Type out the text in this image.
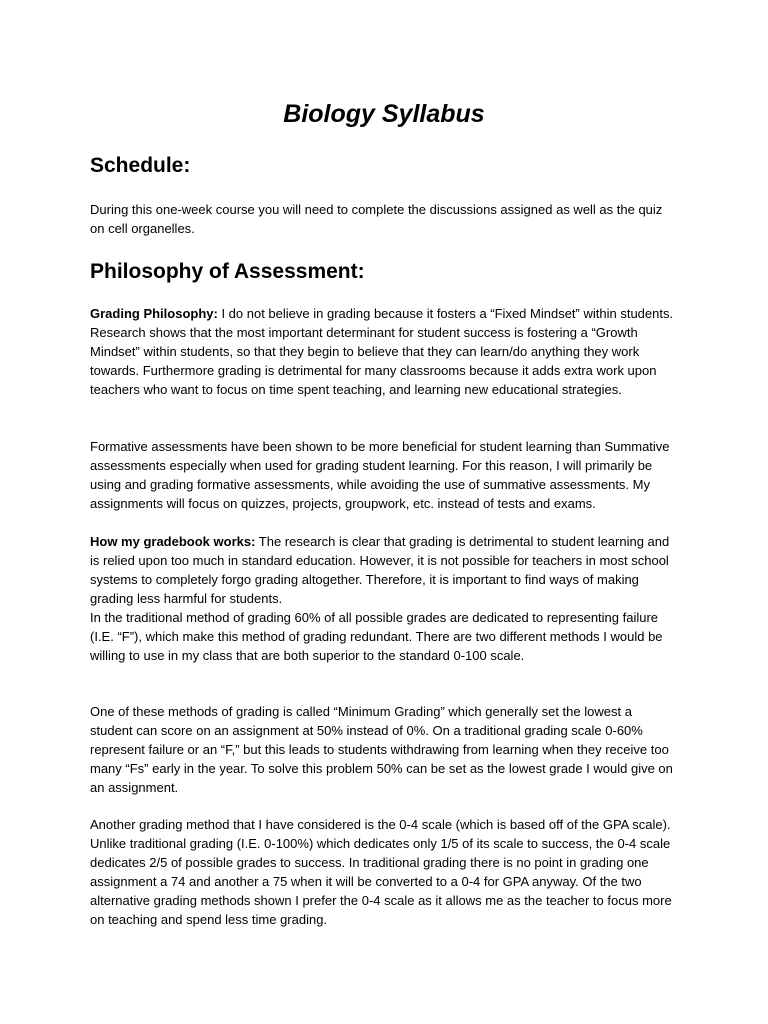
Biology Syllabus
Schedule:

During this one-week course you will need to complete the discussions assigned as well as the quiz on cell organelles.

Philosophy of Assessment:

Grading Philosophy: I do not believe in grading because it fosters a “Fixed Mindset” within students. Research shows that the most important determinant for student success is fostering a “Growth Mindset” within students, so that they begin to believe that they can learn/do anything they work towards. Furthermore grading is detrimental for many classrooms because it adds extra work upon teachers who want to focus on time spent teaching, and learning new educational strategies.

Formative assessments have been shown to be more beneficial for student learning than Summative assessments especially when used for grading student learning. For this reason, I will primarily be using and grading formative assessments, while avoiding the use of summative assessments. My assignments will focus on quizzes, projects, groupwork, etc. instead of tests and exams.

How my gradebook works: The research is clear that grading is detrimental to student learning and is relied upon too much in standard education. However, it is not possible for teachers in most school systems to completely forgo grading altogether. Therefore, it is important to find ways of making grading less harmful for students.

In the traditional method of grading 60% of all possible grades are dedicated to representing failure (I.E. “F”), which make this method of grading redundant. There are two different methods I would be willing to use in my class that are both superior to the standard 0-100 scale.

One of these methods of grading is called “Minimum Grading” which generally set the lowest a student can score on an assignment at 50% instead of 0%. On a traditional grading scale 0-60% represent failure or an “F,” but this leads to students withdrawing from learning when they receive too many “Fs” early in the year. To solve this problem 50% can be set as the lowest grade I would give on an assignment.

Another grading method that I have considered is the 0-4 scale (which is based off of the GPA scale). Unlike traditional grading (I.E. 0-100%) which dedicates only 1/5 of its scale to success, the 0-4 scale dedicates 2/5 of possible grades to success. In traditional grading there is no point in grading one assignment a 74 and another a 75 when it will be converted to a 0-4 for GPA anyway. Of the two alternative grading methods shown I prefer the 0-4 scale as it allows me as the teacher to focus more on teaching and spend less time grading.
